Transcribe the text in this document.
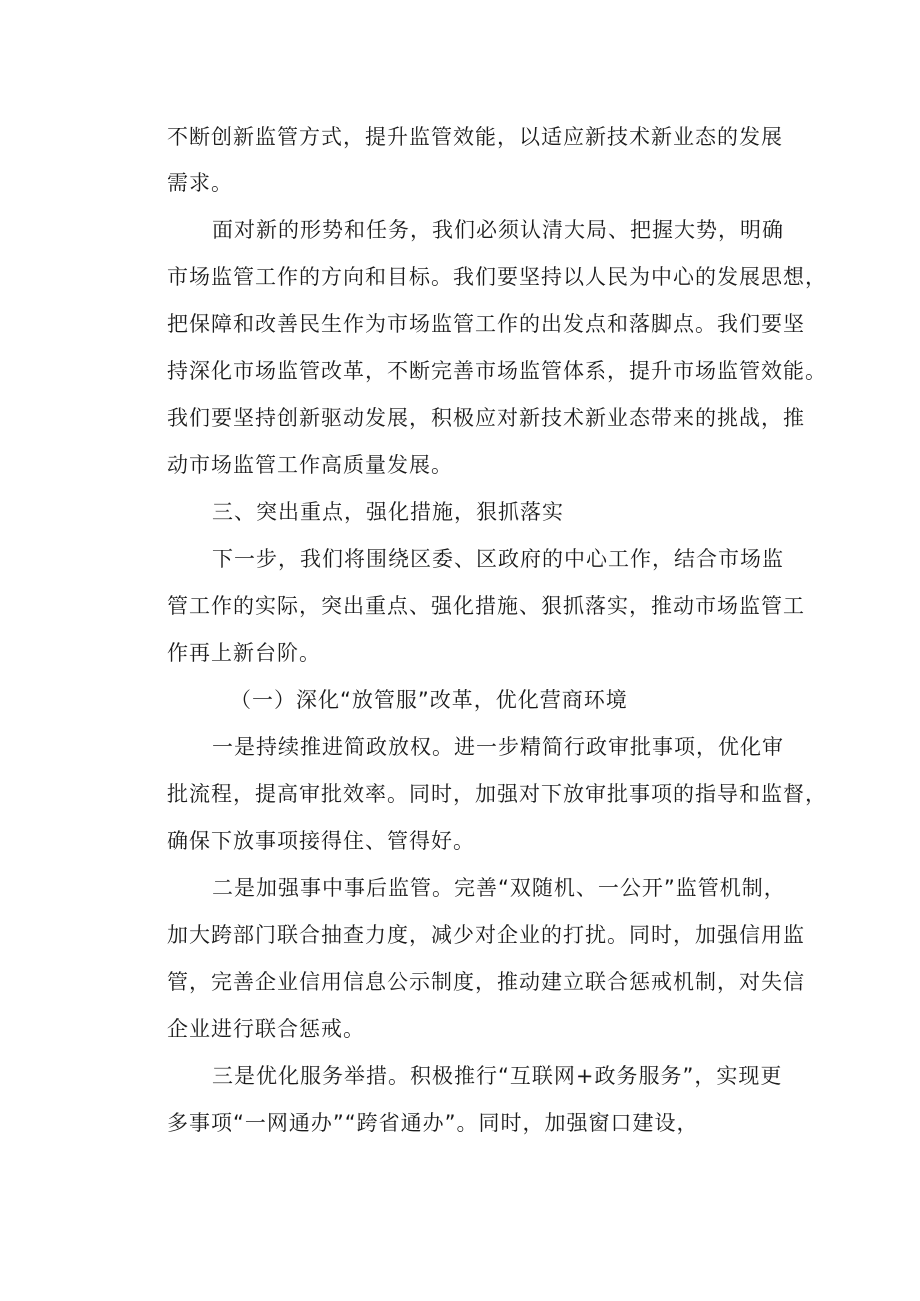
不断创新监管方式，提升监管效能，以适应新技术新业态的发展

需求。

面对新的形势和任务，我们必须认清大局、把握大势，明确

市场监管工作的方向和目标。我们要坚持以人民为中心的发展思想，

把保障和改善民生作为市场监管工作的出发点和落脚点。我们要坚

持深化市场监管改革，不断完善市场监管体系，提升市场监管效能。

我们要坚持创新驱动发展，积极应对新技术新业态带来的挑战，推

动市场监管工作高质量发展。

三、突出重点，强化措施，狠抓落实

下一步，我们将围绕区委、区政府的中心工作，结合市场监

管工作的实际，突出重点、强化措施、狠抓落实，推动市场监管工

作再上新台阶。

（一）深化“放管服”改革，优化营商环境

一是持续推进简政放权。进一步精简行政审批事项，优化审

批流程，提高审批效率。同时，加强对下放审批事项的指导和监督，

确保下放事项接得住、管得好。

二是加强事中事后监管。完善“双随机、一公开”监管机制，

加大跨部门联合抽查力度，减少对企业的打扰。同时，加强信用监

管，完善企业信用信息公示制度，推动建立联合惩戒机制，对失信

企业进行联合惩戒。

三是优化服务举措。积极推行“互联网+政务服务”，实现更

多事项“一网通办”“跨省通办”。同时，加强窗口建设，
